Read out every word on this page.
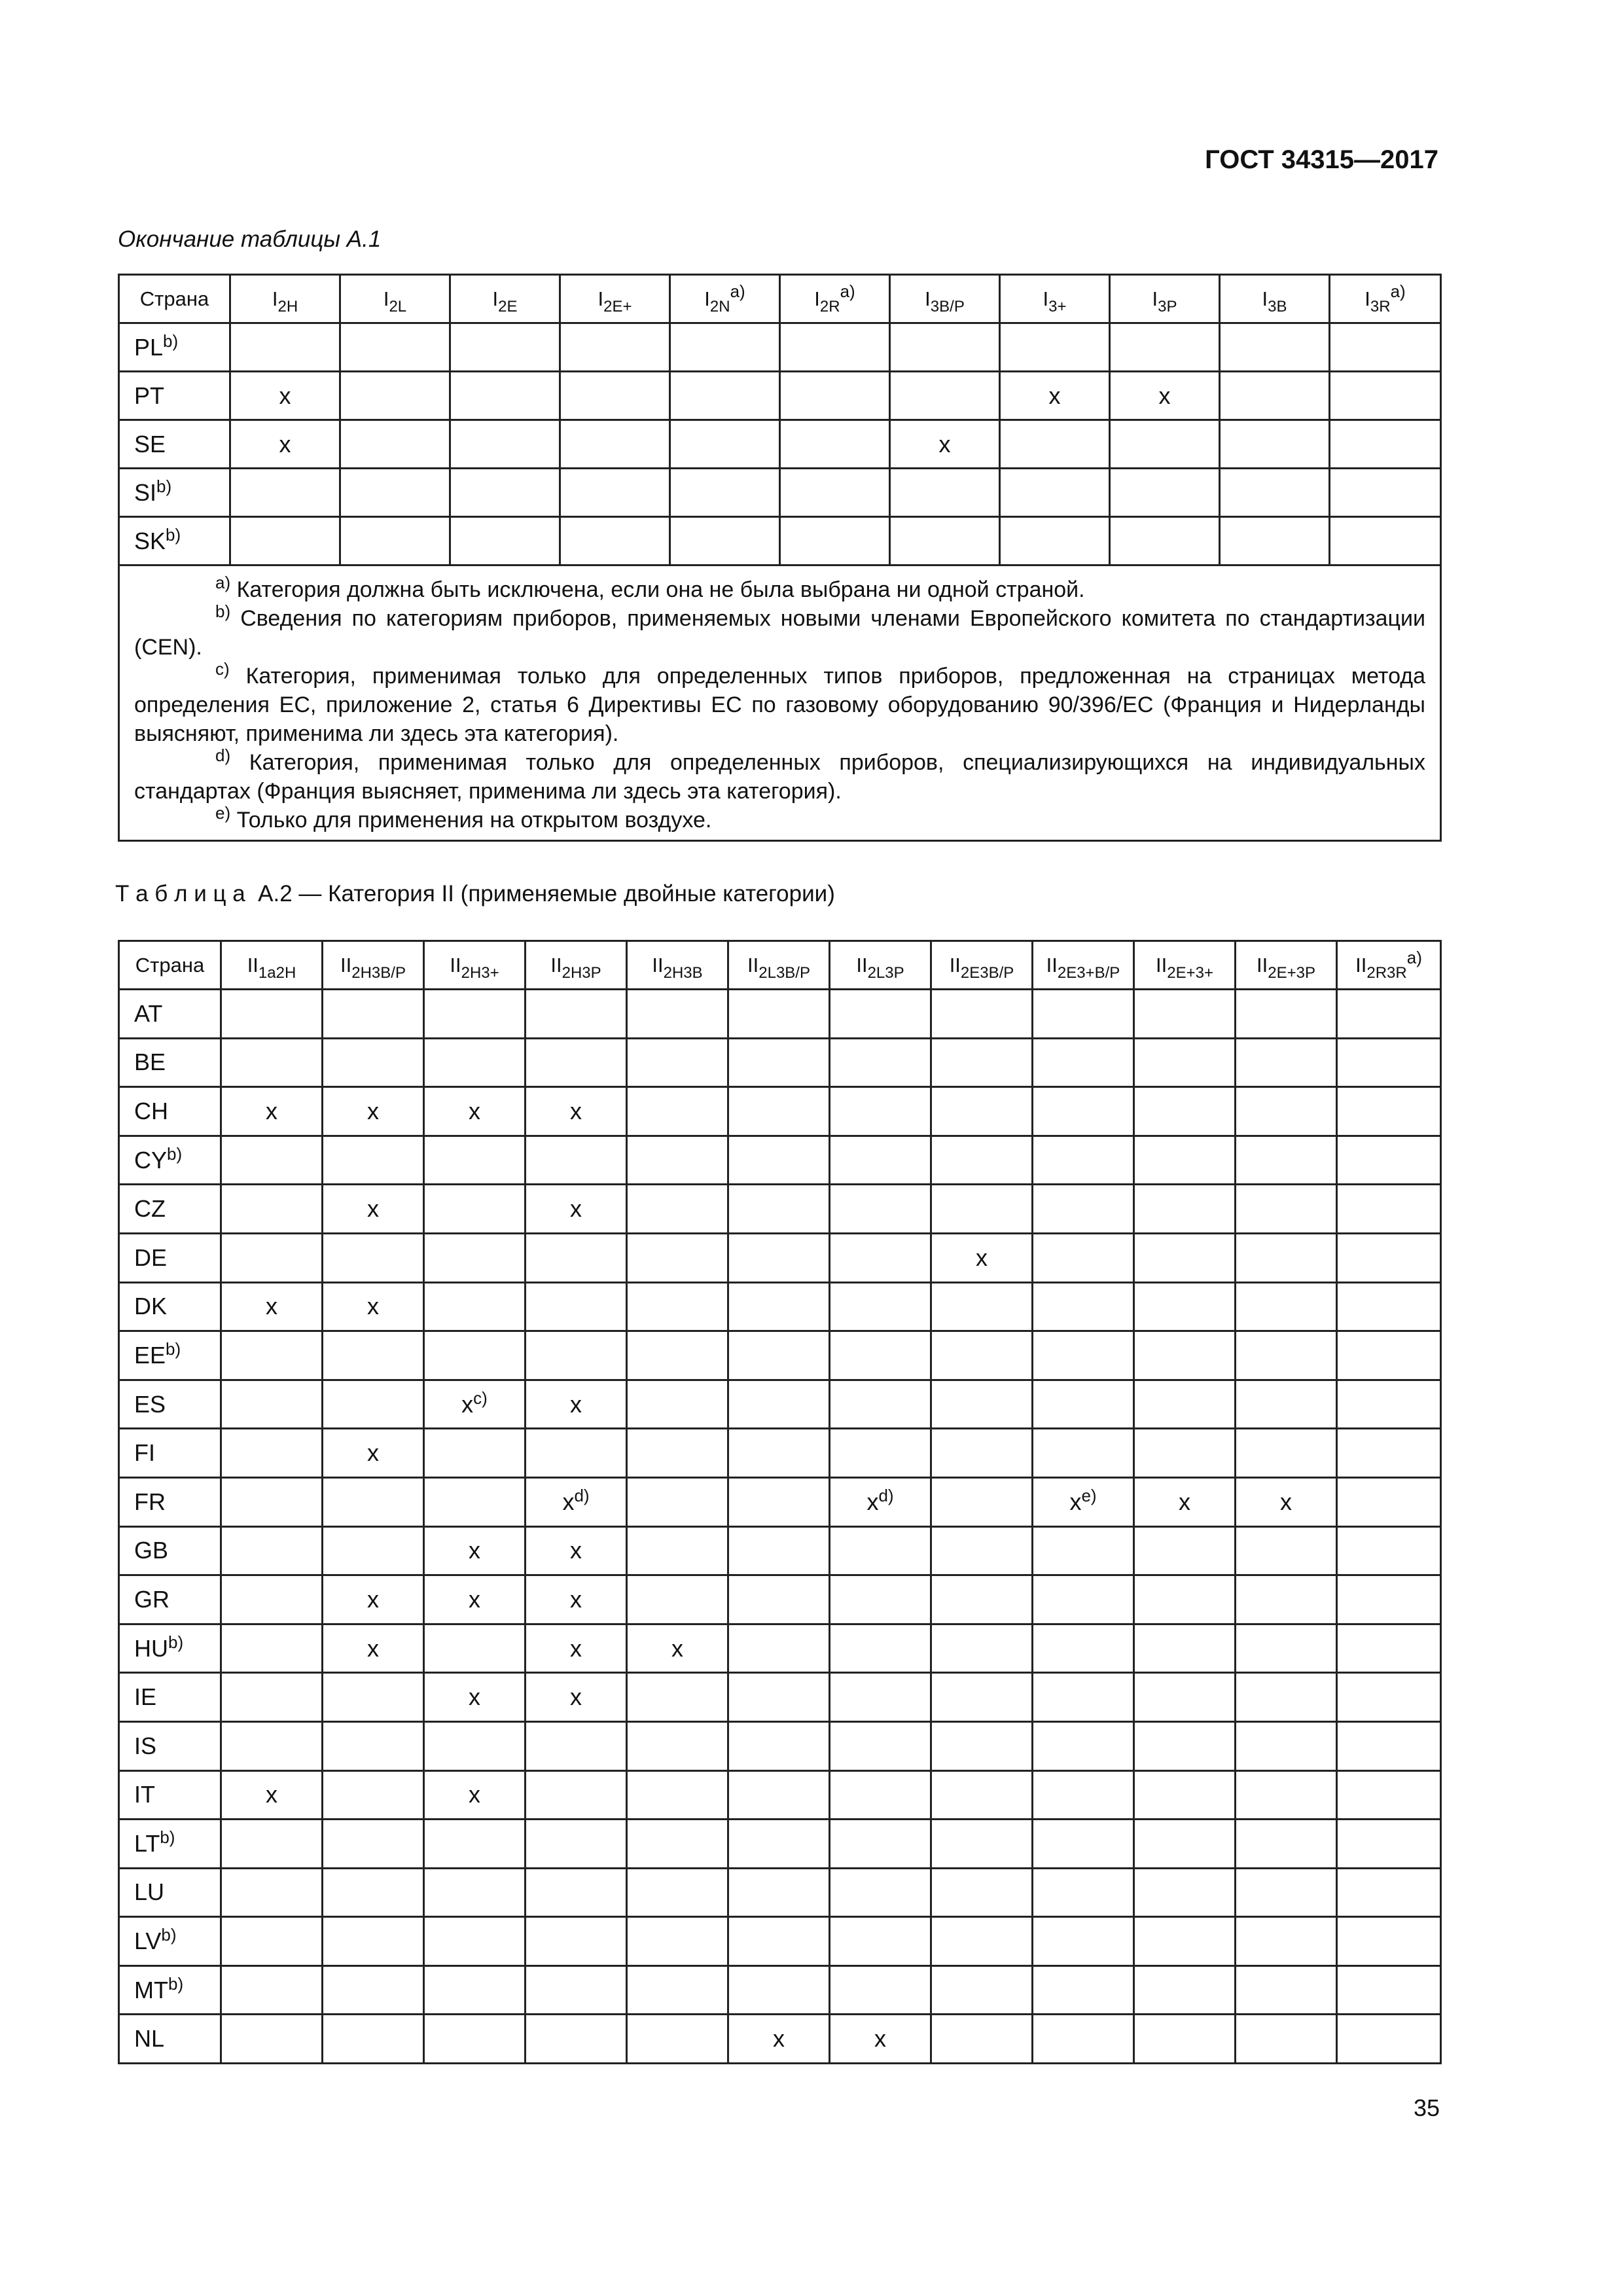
ГОСТ 34315—2017
Окончание таблицы А.1
Страна	$I_{2H}$	$I_{2L}$	$I_{2E}$	$I_{2E+}$	$I_{2N}^{a)}$	$I_{2R}^{a)}$	$I_{3B/P}$	$I_{3+}$	$I_{3P}$	$I_{3B}$	$I_{3R}^{a)}$
PL$^{b)}$											
PT	x							x	x		
SE	x						x				
SI$^{b)}$											
SK$^{b)}$											

$^{a)}$ Категория должна быть исключена, если она не была выбрана ни одной страной.
$^{b)}$ Сведения по категориям приборов, применяемых новыми членами Европейского комитета по стандартизации (CEN).
$^{c)}$ Категория, применимая только для определенных типов приборов, предложенная на страницах метода определения ЕС, приложение 2, статья 6 Директивы ЕС по газовому оборудованию 90/396/ЕС (Франция и Нидерланды выясняют, применима ли здесь эта категория).
$^{d)}$ Категория, применимая только для определенных приборов, специализирующихся на индивидуальных стандартах (Франция выясняет, применима ли здесь эта категория).
$^{e)}$ Только для применения на открытом воздухе.											
Т а б л и ц а  А.2 — Категория II (применяемые двойные категории)
Страна	$II_{1a2H}$	$II_{2H3B/P}$	$II_{2H3+}$	$II_{2H3P}$	$II_{2H3B}$	$II_{2L3B/P}$	$II_{2L3P}$	$II_{2E3B/P}$	$II_{2E3+B/P}$	$II_{2E+3+}$	$II_{2E+3P}$	$II_{2R3R}^{a)}$
AT												
BE												
CH	x	x	x	x								
CY$^{b)}$												
CZ		x		x								
DE								x				
DK	x	x										
EE$^{b)}$												
ES			$x^{c)}$	x								
FI		x										
FR				$x^{d)}$			$x^{d)}$		$x^{e)}$	x	x	
GB			x	x								
GR		x	x	x								
HU$^{b)}$		x		x	x							
IE			x	x								
IS												
IT	x		x									
LT$^{b)}$												
LU												
LV$^{b)}$												
MT$^{b)}$												
NL						x	x					
35
